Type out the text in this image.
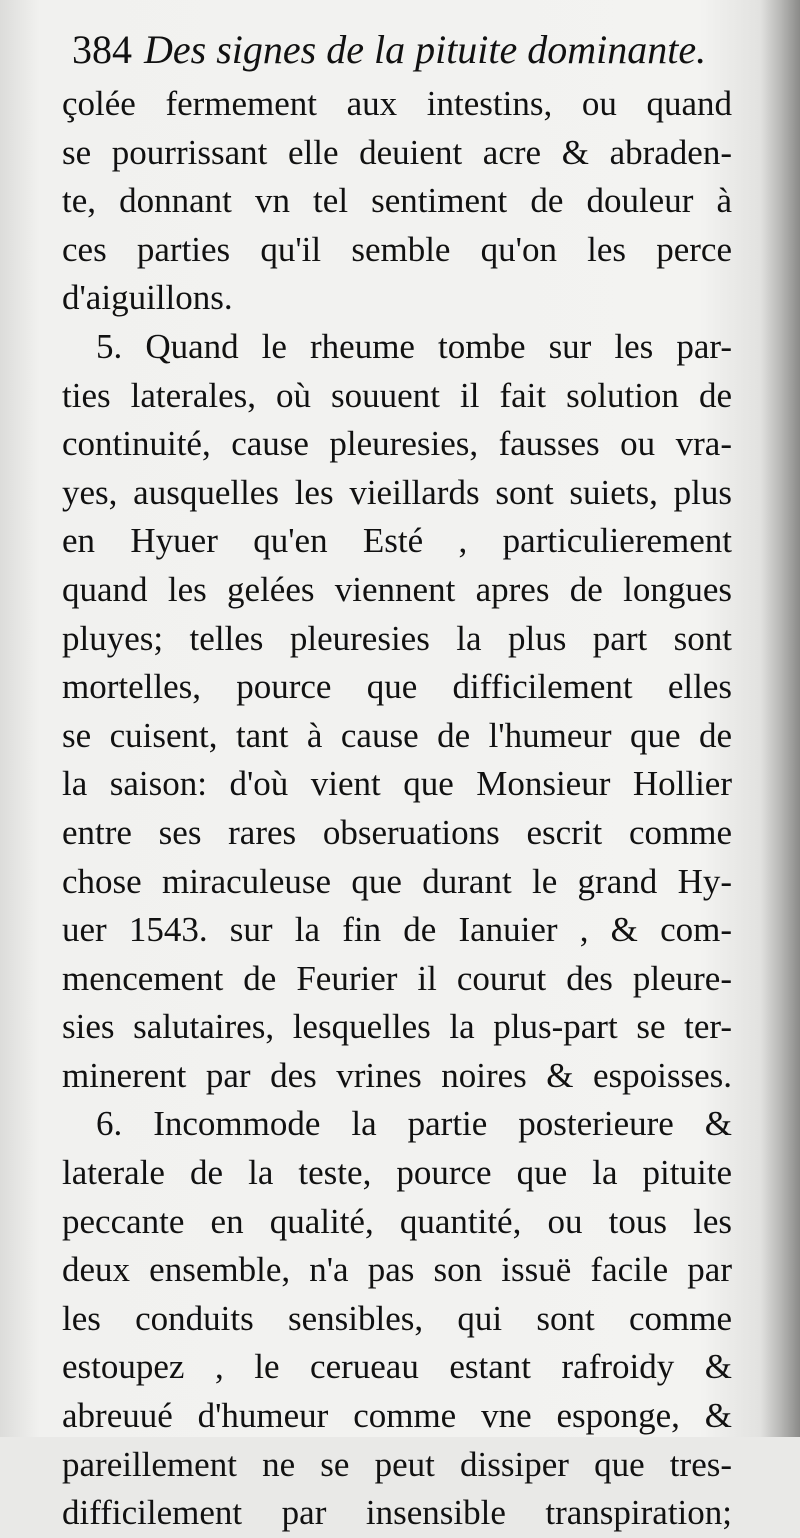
384 Des signes de la pituite dominante.
çolée fermement aux intestins, ou quand
se pourrissant elle deuient acre & abraden-
te, donnant vn tel sentiment de douleur à
ces parties qu'il semble qu'on les perce
d'aiguillons.
5. Quand le rheume tombe sur les par-
ties laterales, où souuent il fait solution de
continuité, cause pleuresies, fausses ou vra-
yes, ausquelles les vieillards sont suiets, plus
en Hyuer qu'en Esté , particulierement
quand les gelées viennent apres de longues
pluyes; telles pleuresies la plus part sont
mortelles, pource que difficilement elles
se cuisent, tant à cause de l'humeur que de
la saison: d'où vient que Monsieur Hollier
entre ses rares obseruations escrit comme
chose miraculeuse que durant le grand Hy-
uer 1543. sur la fin de Ianuier , & com-
mencement de Feurier il courut des pleure-
sies salutaires, lesquelles la plus-part se ter-
minerent par des vrines noires & espoisses.
6. Incommode la partie posterieure &
laterale de la teste, pource que la pituite
peccante en qualité, quantité, ou tous les
deux ensemble, n'a pas son issuë facile par
les conduits sensibles, qui sont comme
estoupez , le cerueau estant rafroidy &
abreuué d'humeur comme vne esponge, &
pareillement ne se peut dissiper que tres-
difficilement par insensible transpiration;
